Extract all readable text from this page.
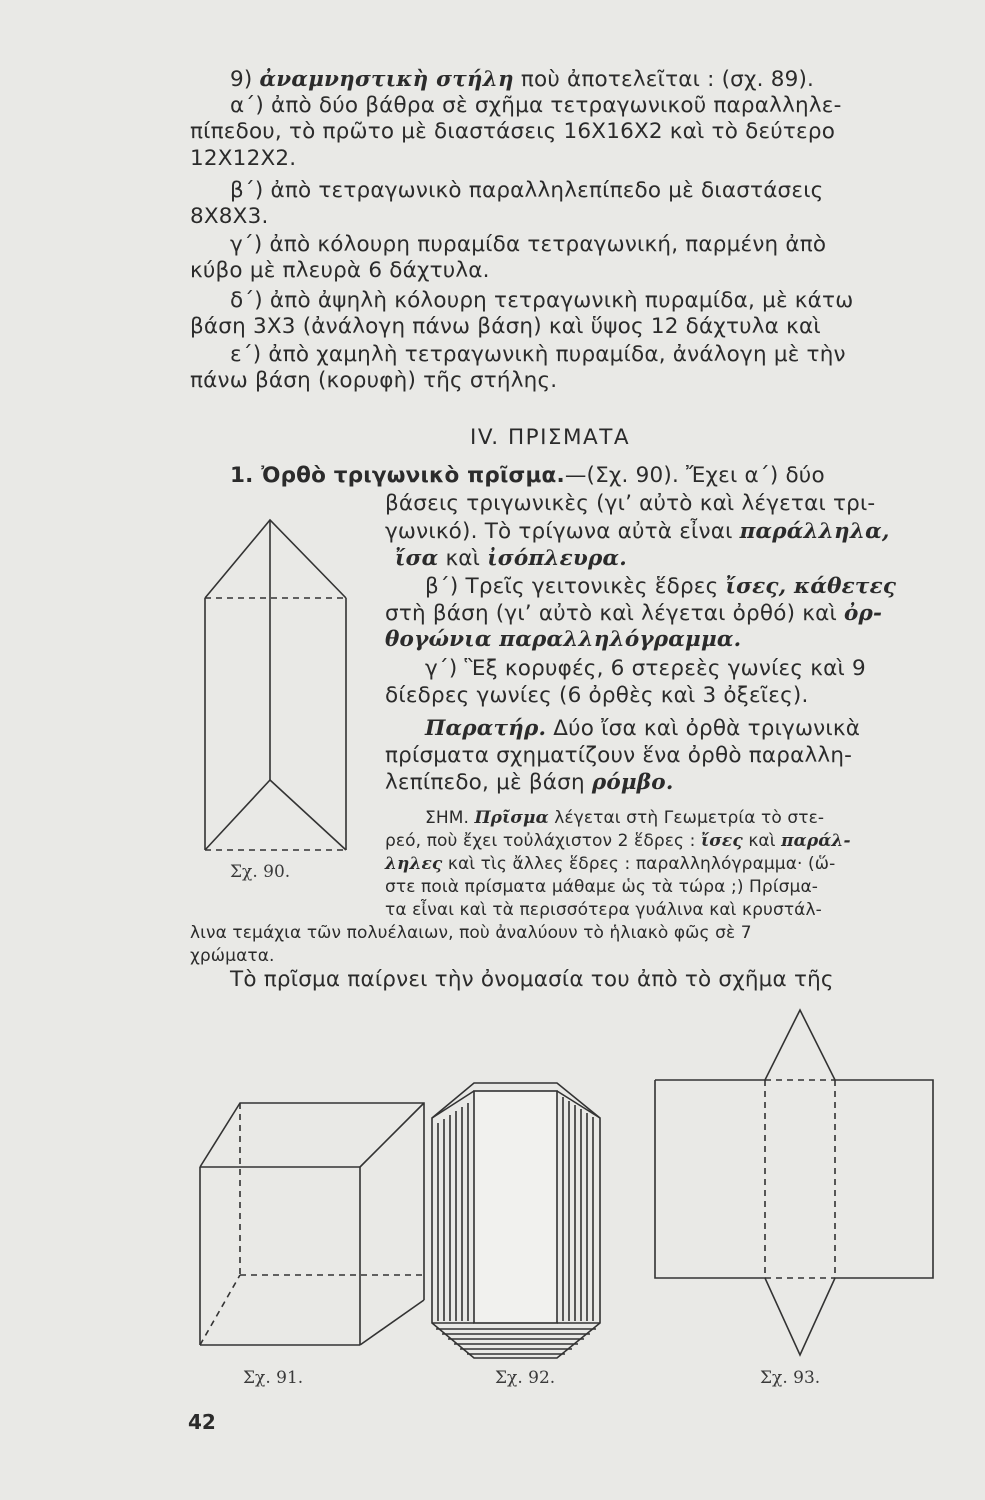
9) ἀναμνηστικὴ στήλη ποὺ ἀποτελεῖται : (σχ. 89).
α΄) ἀπὸ δύο βάθρα σὲ σχῆμα τετραγωνικοῦ παραλληλε-
πίπεδου, τὸ πρῶτο μὲ διαστάσεις 16X16X2 καὶ τὸ δεύτερο
12X12X2.
β΄) ἀπὸ τετραγωνικὸ παραλληλεπίπεδο μὲ διαστάσεις
8X8X3.
γ΄) ἀπὸ κόλουρη πυραμίδα τετραγωνική, παρμένη ἀπὸ
κύβο μὲ πλευρὰ 6 δάχτυλα.
δ΄) ἀπὸ ἀψηλὴ κόλουρη τετραγωνικὴ πυραμίδα, μὲ κάτω
βάση 3X3 (ἀνάλογη πάνω βάση) καὶ ὕψος 12 δάχτυλα καὶ
ε΄) ἀπὸ χαμηλὴ τετραγωνικὴ πυραμίδα, ἀνάλογη μὲ τὴν
πάνω βάση (κορυφὴ) τῆς στήλης.
IV. ΠΡΙΣΜΑΤΑ
1. Ὀρθὸ τριγωνικὸ πρῖσμα.—(Σχ. 90). Ἔχει α΄) δύο
βάσεις τριγωνικὲς (γι’ αὐτὸ καὶ λέγεται τρι-
γωνικό). Τὸ τρίγωνα αὐτὰ εἶναι παράλληλα,
ἴσα καὶ ἰσόπλευρα.
β΄) Τρεῖς γειτονικὲς ἕδρες ἴσες, κάθετες
στὴ βάση (γι’ αὐτὸ καὶ λέγεται ὀρθό) καὶ ὀρ-
θογώνια παραλληλόγραμμα.
γ΄) Ἓξ κορυφές, 6 στερεὲς γωνίες καὶ 9
δίεδρες γωνίες (6 ὀρθὲς καὶ 3 ὀξεῖες).
Παρατήρ. Δύο ἴσα καὶ ὀρθὰ τριγωνικὰ
πρίσματα σχηματίζουν ἕνα ὀρθὸ παραλλη-
λεπίπεδο, μὲ βάση ρόμβο.
ΣΗΜ. Πρῖσμα λέγεται στὴ Γεωμετρία τὸ στε-
ρεό, ποὺ ἔχει τοὐλάχιστον 2 ἕδρες : ἴσες καὶ παράλ-
ληλες καὶ τὶς ἄλλες ἕδρες : παραλληλόγραμμα· (ὥ-
στε ποιὰ πρίσματα μάθαμε ὡς τὰ τώρα ;) Πρίσμα-
τα εἶναι καὶ τὰ περισσότερα γυάλινα καὶ κρυστάλ-
λινα τεμάχια τῶν πολυέλαιων, ποὺ ἀναλύουν τὸ ἡλιακὸ φῶς σὲ 7
χρώματα.
Τὸ πρῖσμα παίρνει τὴν ὀνομασία του ἀπὸ τὸ σχῆμα τῆς
Σχ. 90.
Σχ. 91.	Σχ. 92.	Σχ. 93.
42
